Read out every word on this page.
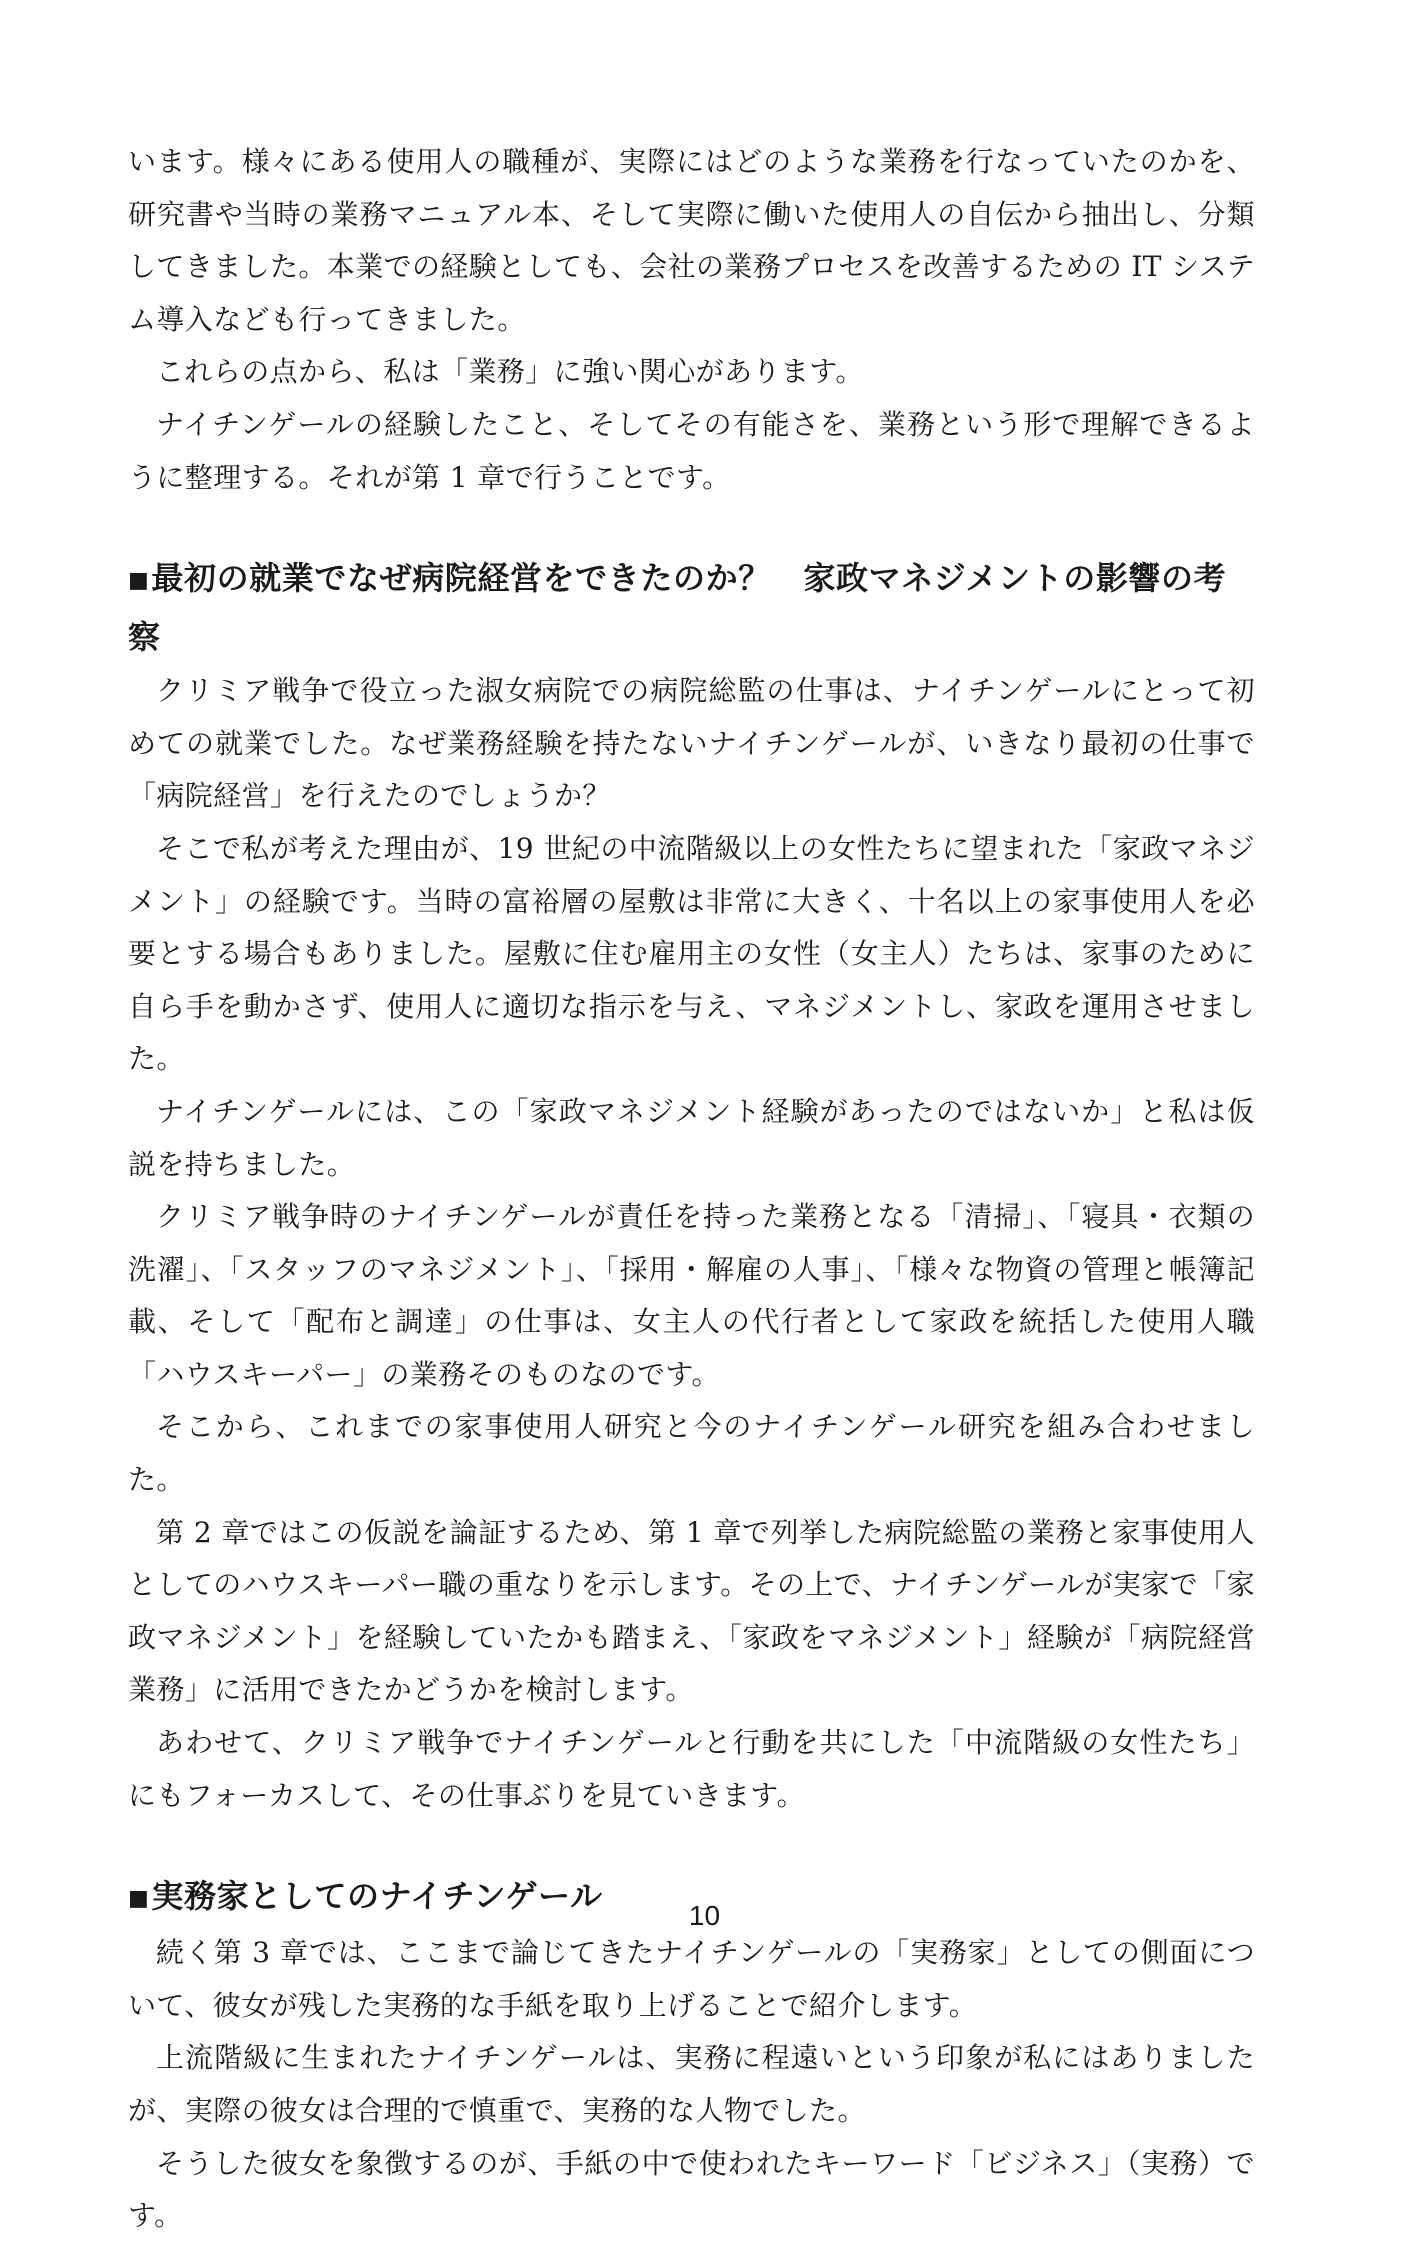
います。様々にある使用人の職種が、実際にはどのような業務を行なっていたのかを、研究書や当時の業務マニュアル本、そして実際に働いた使用人の自伝から抽出し、分類してきました。本業での経験としても、会社の業務プロセスを改善するための IT システム導入なども行ってきました。

これらの点から、私は「業務」に強い関心があります。

ナイチンゲールの経験したこと、そしてその有能さを、業務という形で理解できるように整理する。それが第 1 章で行うことです。

■最初の就業でなぜ病院経営をできたのか？　家政マネジメントの影響の考察

クリミア戦争で役立った淑女病院での病院総監の仕事は、ナイチンゲールにとって初めての就業でした。なぜ業務経験を持たないナイチンゲールが、いきなり最初の仕事で「病院経営」を行えたのでしょうか？

そこで私が考えた理由が、19 世紀の中流階級以上の女性たちに望まれた「家政マネジメント」の経験です。当時の富裕層の屋敷は非常に大きく、十名以上の家事使用人を必要とする場合もありました。屋敷に住む雇用主の女性（女主人）たちは、家事のために自ら手を動かさず、使用人に適切な指示を与え、マネジメントし、家政を運用させました。

ナイチンゲールには、この「家政マネジメント経験があったのではないか」と私は仮説を持ちました。

クリミア戦争時のナイチンゲールが責任を持った業務となる「清掃」、「寝具・衣類の洗濯」、「スタッフのマネジメント」、「採用・解雇の人事」、「様々な物資の管理と帳簿記載、そして「配布と調達」の仕事は、女主人の代行者として家政を統括した使用人職「ハウスキーパー」の業務そのものなのです。

そこから、これまでの家事使用人研究と今のナイチンゲール研究を組み合わせました。

第 2 章ではこの仮説を論証するため、第 1 章で列挙した病院総監の業務と家事使用人としてのハウスキーパー職の重なりを示します。その上で、ナイチンゲールが実家で「家政マネジメント」を経験していたかも踏まえ、「家政をマネジメント」経験が「病院経営業務」に活用できたかどうかを検討します。

あわせて、クリミア戦争でナイチンゲールと行動を共にした「中流階級の女性たち」にもフォーカスして、その仕事ぶりを見ていきます。

■実務家としてのナイチンゲール

続く第 3 章では、ここまで論じてきたナイチンゲールの「実務家」としての側面について、彼女が残した実務的な手紙を取り上げることで紹介します。

上流階級に生まれたナイチンゲールは、実務に程遠いという印象が私にはありましたが、実際の彼女は合理的で慎重で、実務的な人物でした。

そうした彼女を象徴するのが、手紙の中で使われたキーワード「ビジネス」（実務）です。

10
